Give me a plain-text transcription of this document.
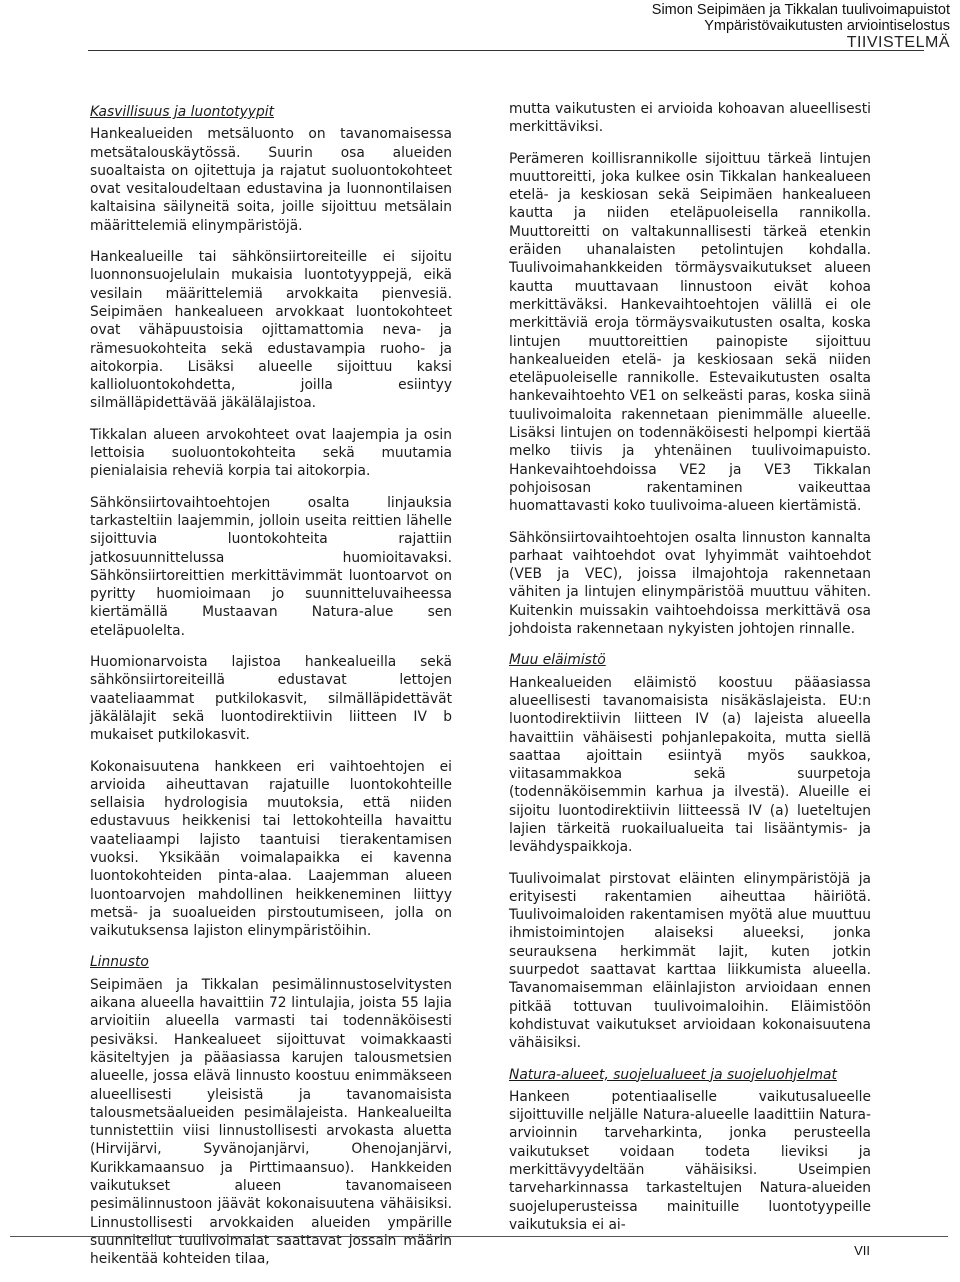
Simon Seipimäen ja Tikkalan tuulivoimapuistot
Ympäristövaikutusten arviointiselostus
TIIVISTELMÄ
Kasvillisuus ja luontotyypit

Hankealueiden metsäluonto on tavanomaisessa metsätalouskäytössä. Suurin osa alueiden suoaltaista on ojitettuja ja rajatut suoluontokohteet ovat vesitaloudeltaan edustavina ja luonnontilaisen kaltaisina säilyneitä soita, joille sijoittuu metsälain määrittelemiä elinympäristöjä.

Hankealueille tai sähkönsiirtoreiteille ei sijoitu luonnonsuojelulain mukaisia luontotyyppejä, eikä vesilain määrittelemiä arvokkaita pienvesiä. Seipimäen hankealueen arvokkaat luontokohteet ovat vähäpuustoisia ojittamattomia neva- ja rämesuokohteita sekä edustavampia ruoho- ja aitokorpia. Lisäksi alueelle sijoittuu kaksi kallioluontokohdetta, joilla esiintyy silmälläpidettävää jäkälälajistoa.

Tikkalan alueen arvokohteet ovat laajempia ja osin lettoisia suoluontokohteita sekä muutamia pienialaisia reheviä korpia tai aitokorpia.

Sähkönsiirtovaihtoehtojen osalta linjauksia tarkasteltiin laajemmin, jolloin useita reittien lähelle sijoittuvia luontokohteita rajattiin jatkosuunnittelussa huomioitavaksi. Sähkönsiirtoreittien merkittävimmät luontoarvot on pyritty huomioimaan jo suunnitteluvaiheessa kiertämällä Mustaavan Natura-alue sen eteläpuolelta.

Huomionarvoista lajistoa hankealueilla sekä sähkönsiirtoreiteillä edustavat lettojen vaateliaammat putkilokasvit, silmälläpidettävät jäkälälajit sekä luontodirektiivin liitteen IV b mukaiset putkilokasvit.

Kokonaisuutena hankkeen eri vaihtoehtojen ei arvioida aiheuttavan rajatuille luontokohteille sellaisia hydrologisia muutoksia, että niiden edustavuus heikkenisi tai lettokohteilla havaittu vaateliaampi lajisto taantuisi tierakentamisen vuoksi. Yksikään voimalapaikka ei kavenna luontokohteiden pinta-alaa. Laajemman alueen luontoarvojen mahdollinen heikkeneminen liittyy metsä- ja suoalueiden pirstoutumiseen, jolla on vaikutuksensa lajiston elinympäristöihin.

Linnusto

Seipimäen ja Tikkalan pesimälinnustoselvitysten aikana alueella havaittiin 72 lintulajia, joista 55 lajia arvioitiin alueella varmasti tai todennäköisesti pesiväksi. Hankealueet sijoittuvat voimakkaasti käsiteltyjen ja pääasiassa karujen talousmetsien alueelle, jossa elävä linnusto koostuu enimmäkseen alueellisesti yleisistä ja tavanomaisista talousmetsäalueiden pesimälajeista. Hankealueilta tunnistettiin viisi linnustollisesti arvokasta aluetta (Hirvijärvi, Syvänojanjärvi, Ohenojanjärvi, Kurikkamaansuo ja Pirttimaansuo). Hankkeiden vaikutukset alueen tavanomaiseen pesimälinnustoon jäävät kokonaisuutena vähäisiksi. Linnustollisesti arvokkaiden alueiden ympärille suunnitellut tuulivoimalat saattavat jossain määrin heikentää kohteiden tilaa,

mutta vaikutusten ei arvioida kohoavan alueellisesti merkittäviksi.

Perämeren koillisrannikolle sijoittuu tärkeä lintujen muuttoreitti, joka kulkee osin Tikkalan hankealueen etelä- ja keskiosan sekä Seipimäen hankealueen kautta ja niiden eteläpuoleisella rannikolla. Muuttoreitti on valtakunnallisesti tärkeä etenkin eräiden uhanalaisten petolintujen kohdalla. Tuulivoimahankkeiden törmäysvaikutukset alueen kautta muuttavaan linnustoon eivät kohoa merkittäväksi. Hankevaihtoehtojen välillä ei ole merkittäviä eroja törmäysvaikutusten osalta, koska lintujen muuttoreittien painopiste sijoittuu hankealueiden etelä- ja keskiosaan sekä niiden eteläpuoleiselle rannikolle. Estevaikutusten osalta hankevaihtoehto VE1 on selkeästi paras, koska siinä tuulivoimaloita rakennetaan pienimmälle alueelle. Lisäksi lintujen on todennäköisesti helpompi kiertää melko tiivis ja yhtenäinen tuulivoimapuisto. Hankevaihtoehdoissa VE2 ja VE3 Tikkalan pohjoisosan rakentaminen vaikeuttaa huomattavasti koko tuulivoima-alueen kiertämistä.

Sähkönsiirtovaihtoehtojen osalta linnuston kannalta parhaat vaihtoehdot ovat lyhyimmät vaihtoehdot (VEB ja VEC), joissa ilmajohtoja rakennetaan vähiten ja lintujen elinympäristöä muuttuu vähiten. Kuitenkin muissakin vaihtoehdoissa merkittävä osa johdoista rakennetaan nykyisten johtojen rinnalle.

Muu eläimistö

Hankealueiden eläimistö koostuu pääasiassa alueellisesti tavanomaisista nisäkäslajeista. EU:n luontodirektiivin liitteen IV (a) lajeista alueella havaittiin vähäisesti pohjanlepakoita, mutta siellä saattaa ajoittain esiintyä myös saukkoa, viitasammakkoa sekä suurpetoja (todennäköisemmin karhua ja ilvestä). Alueille ei sijoitu luontodirektiivin liitteessä IV (a) lueteltujen lajien tärkeitä ruokailualueita tai lisääntymis- ja levähdyspaikkoja.

Tuulivoimalat pirstovat eläinten elinympäristöjä ja erityisesti rakentamien aiheuttaa häiriötä. Tuulivoimaloiden rakentamisen myötä alue muuttuu ihmistoimintojen alaiseksi alueeksi, jonka seurauksena herkimmät lajit, kuten jotkin suurpedot saattavat karttaa liikkumista alueella. Tavanomaisemman eläinlajiston arvioidaan ennen pitkää tottuvan tuulivoimaloihin. Eläimistöön kohdistuvat vaikutukset arvioidaan kokonaisuutena vähäisiksi.

Natura-alueet, suojelualueet ja suojeluohjelmat

Hankeen potentiaaliselle vaikutusalueelle sijoittuville neljälle Natura-alueelle laadittiin Natura-arvioinnin tarveharkinta, jonka perusteella vaikutukset voidaan todeta lieviksi ja merkittävyydeltään vähäisiksi. Useimpien tarveharkinnassa tarkasteltujen Natura-alueiden suojeluperusteissa mainituille luontotyypeille vaikutuksia ei ai-

VII
